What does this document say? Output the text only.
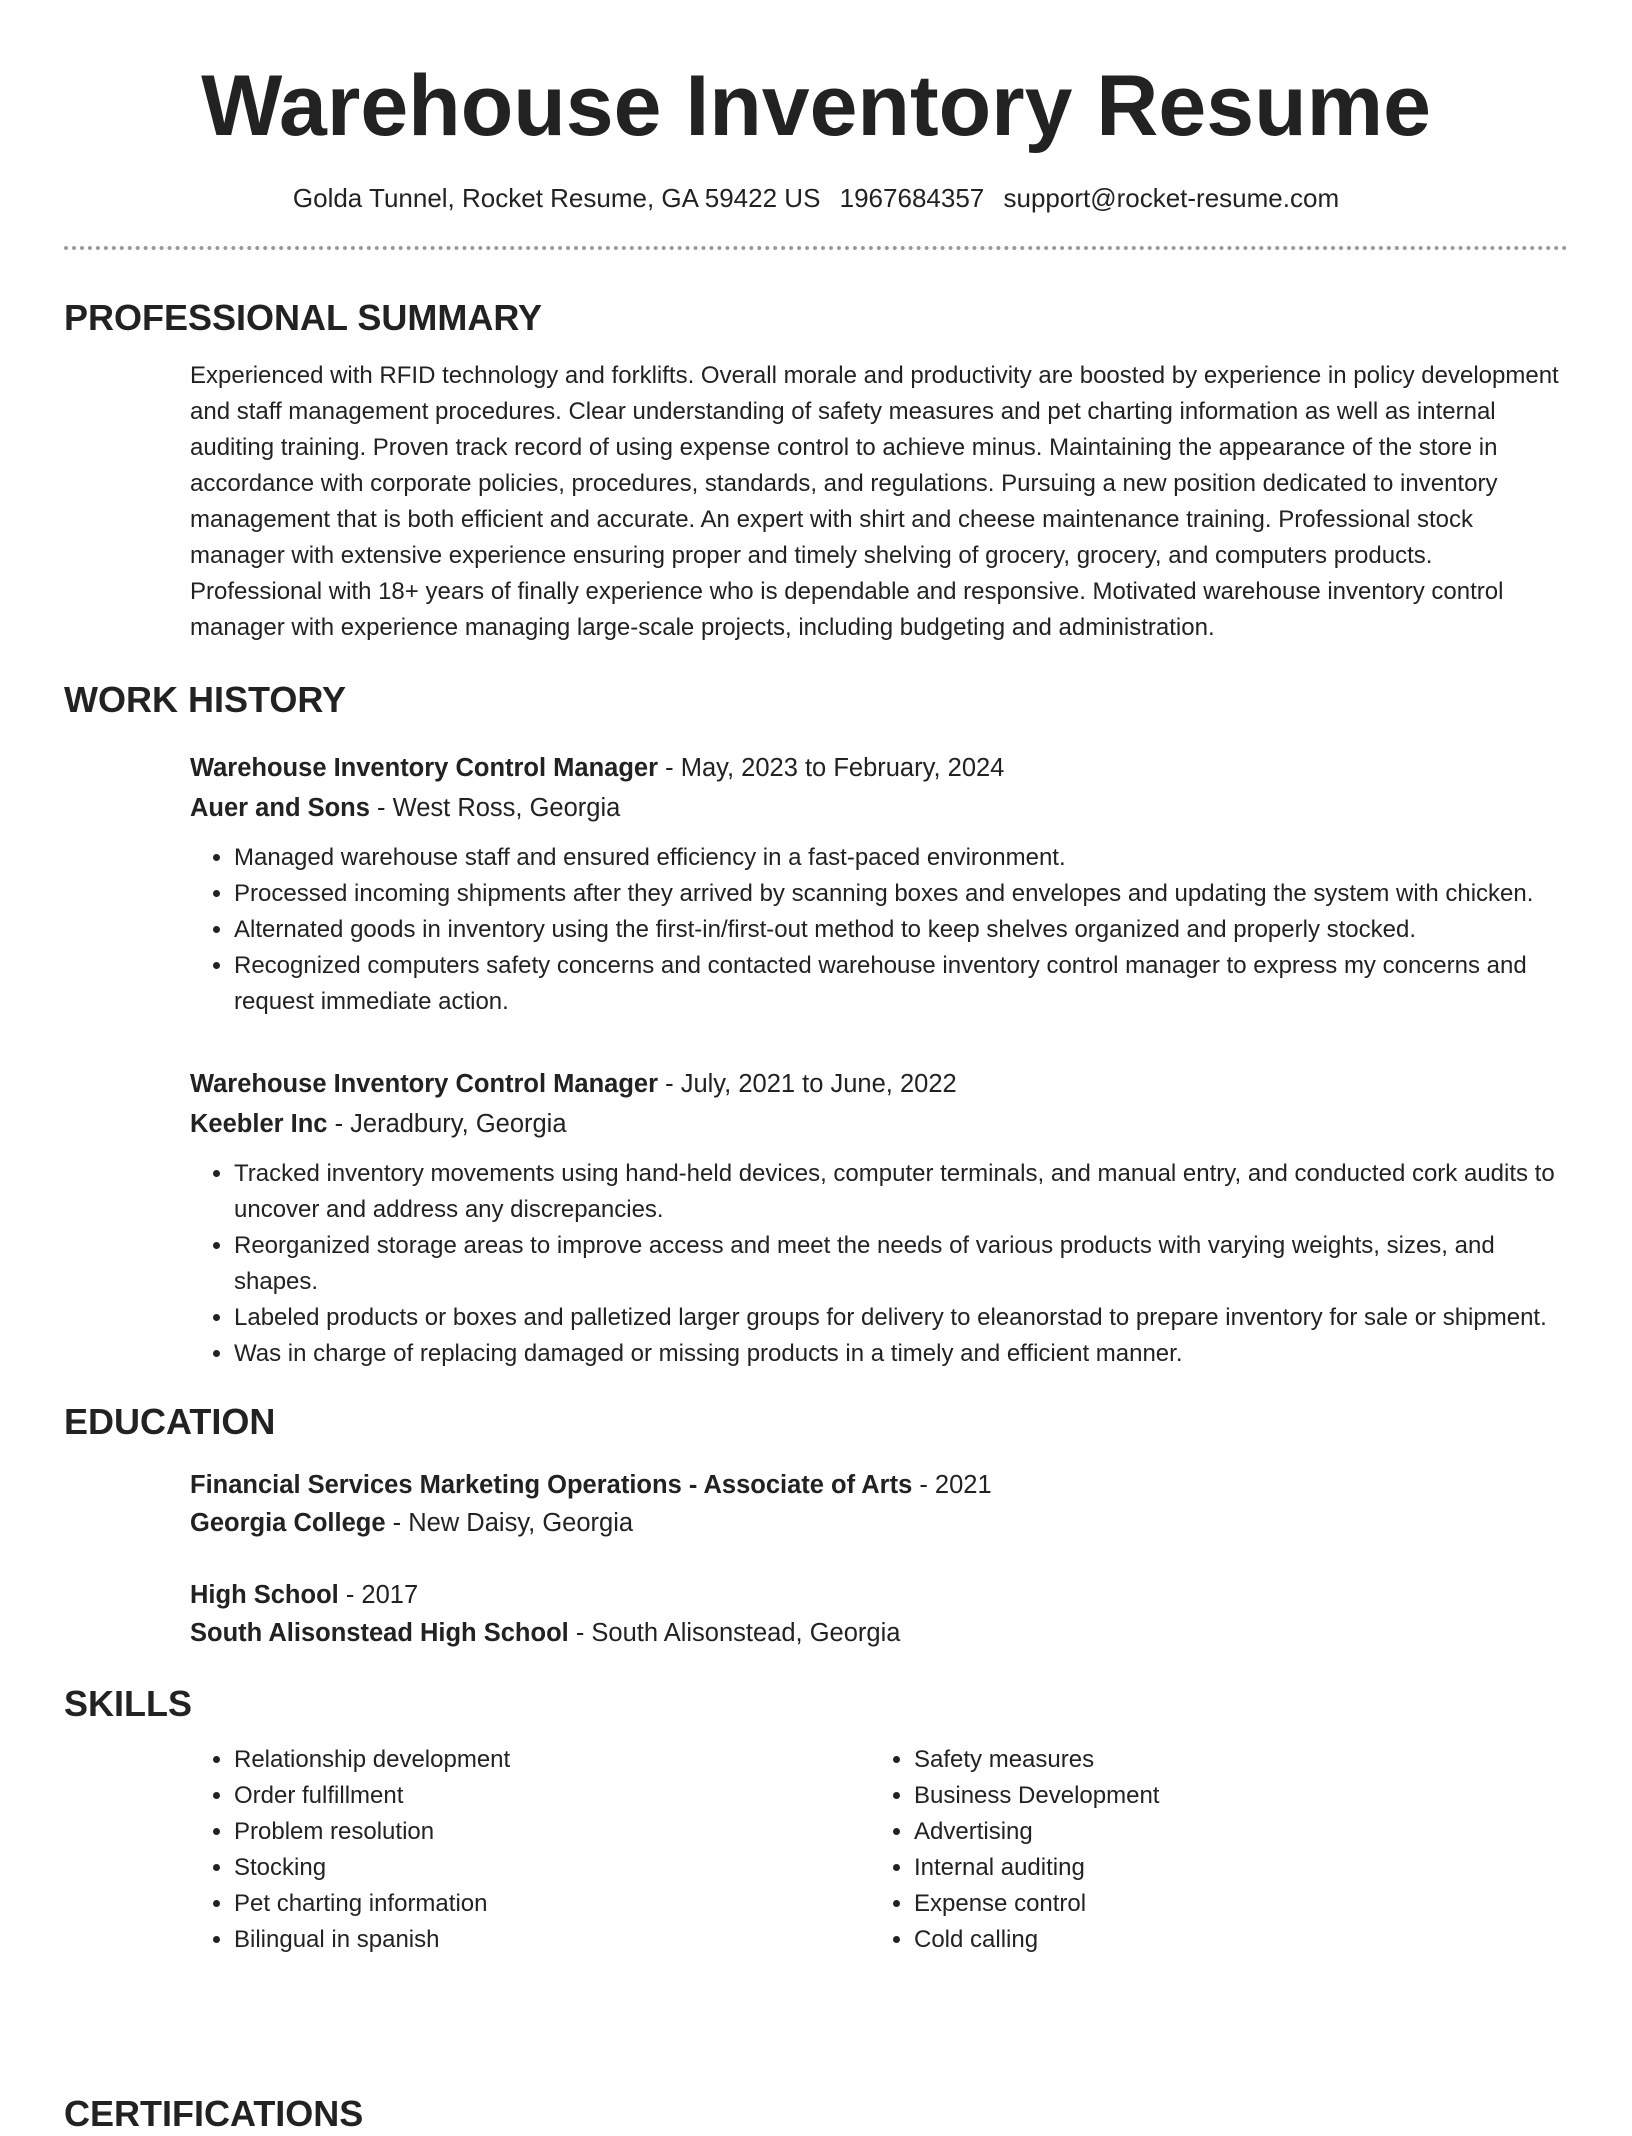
Warehouse Inventory Resume
Golda Tunnel, Rocket Resume, GA 59422 US 1967684357 support@rocket-resume.com
PROFESSIONAL SUMMARY

Experienced with RFID technology and forklifts. Overall morale and productivity are boosted by experience in policy development and staff management procedures. Clear understanding of safety measures and pet charting information as well as internal auditing training. Proven track record of using expense control to achieve minus. Maintaining the appearance of the store in accordance with corporate policies, procedures, standards, and regulations. Pursuing a new position dedicated to inventory management that is both efficient and accurate. An expert with shirt and cheese maintenance training. Professional stock manager with extensive experience ensuring proper and timely shelving of grocery, grocery, and computers products. Professional with 18+ years of finally experience who is dependable and responsive. Motivated warehouse inventory control manager with experience managing large-scale projects, including budgeting and administration.

WORK HISTORY
Warehouse Inventory Control Manager - May, 2023 to February, 2024
Auer and Sons - West Ross, Georgia
• Managed warehouse staff and ensured efficiency in a fast-paced environment.
• Processed incoming shipments after they arrived by scanning boxes and envelopes and updating the system with chicken.
• Alternated goods in inventory using the first-in/first-out method to keep shelves organized and properly stocked.
• Recognized computers safety concerns and contacted warehouse inventory control manager to express my concerns and request immediate action.
Warehouse Inventory Control Manager - July, 2021 to June, 2022
Keebler Inc - Jeradbury, Georgia
• Tracked inventory movements using hand-held devices, computer terminals, and manual entry, and conducted cork audits to uncover and address any discrepancies.
• Reorganized storage areas to improve access and meet the needs of various products with varying weights, sizes, and shapes.
• Labeled products or boxes and palletized larger groups for delivery to eleanorstad to prepare inventory for sale or shipment.
• Was in charge of replacing damaged or missing products in a timely and efficient manner.
EDUCATION
Financial Services Marketing Operations - Associate of Arts - 2021
Georgia College - New Daisy, Georgia
High School - 2017
South Alisonstead High School - South Alisonstead, Georgia
SKILLS
• Relationship development
• Order fulfillment
• Problem resolution
• Stocking
• Pet charting information
• Bilingual in spanish
• Safety measures
• Business Development
• Advertising
• Internal auditing
• Expense control
• Cold calling
CERTIFICATIONS
